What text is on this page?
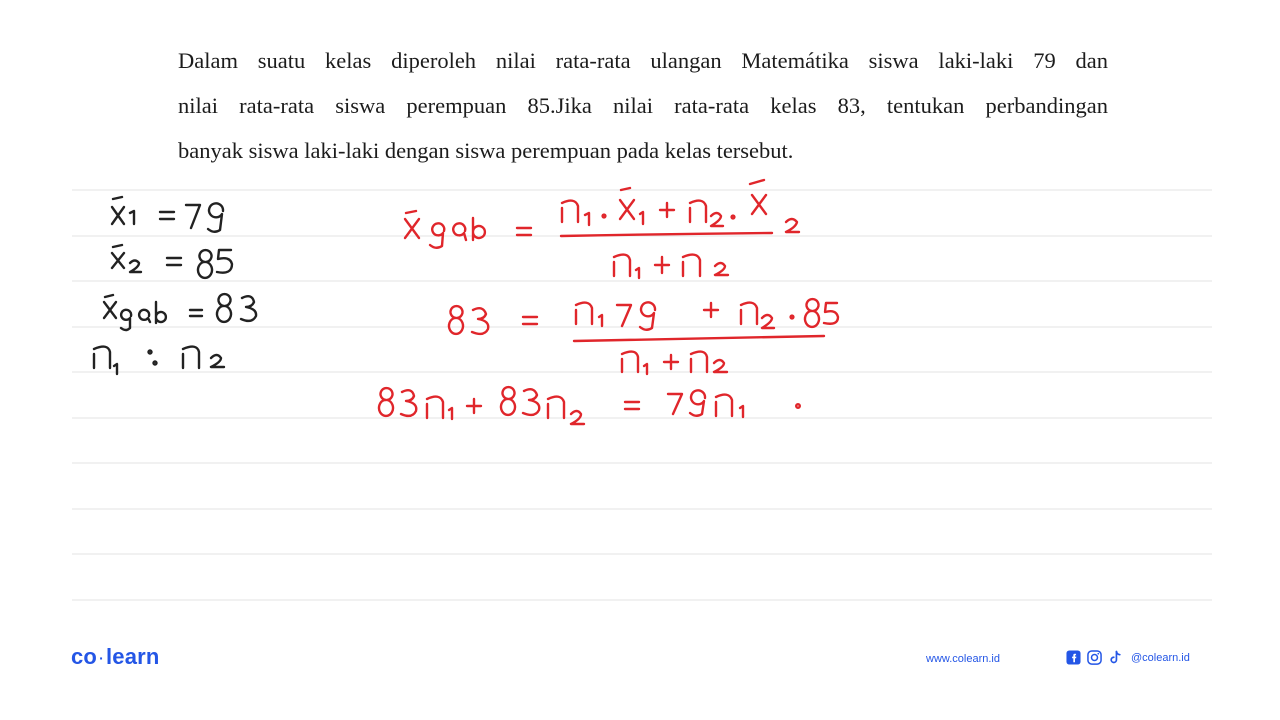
Dalam suatu kelas diperoleh nilai rata-rata ulangan Matemátika siswa laki-laki 79 dan

nilai rata-rata siswa perempuan 85.Jika nilai rata-rata kelas 83, tentukan perbandingan

banyak siswa laki-laki dengan siswa perempuan pada kelas tersebut.

co ·learn	www.colearn.id	@colearn.id
